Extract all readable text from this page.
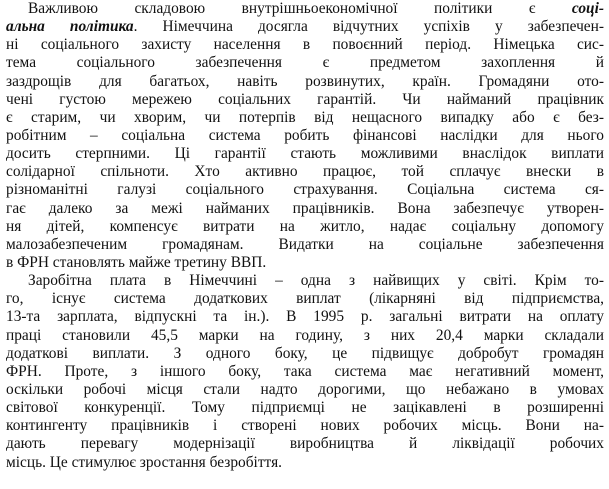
Важливою складовою внутрішньоекономічної політики є соці-
альна політика. Німеччина досягла відчутних успіхів у забезпечен-
ні соціального захисту населення в повоєнний період. Німецька сис-
тема соціального забезпечення є предметом захоплення й
заздрощів для багатьох, навіть розвинутих, країн. Громадяни ото-
чені густою мережею соціальних гарантій. Чи найманий працівник
є старим, чи хворим, чи потерпів від нещасного випадку або є без-
робітним – соціальна система робить фінансові наслідки для нього
досить стерпними. Ці гарантії стають можливими внаслідок виплати
солідарної спільноти. Хто активно працює, той сплачує внески в
різноманітні галузі соціального страхування. Соціальна система ся-
гає далеко за межі найманих працівників. Вона забезпечує утворен-
ня дітей, компенсує витрати на житло, надає соціальну допомогу
малозабезпеченим громадянам. Видатки на соціальне забезпечення
в ФРН становлять майже третину ВВП.
Заробітна плата в Німеччині – одна з найвищих у світі. Крім то-
го, існує система додаткових виплат (лікарняні від підприємства,
13-та зарплата, відпускні та ін.). В 1995 р. загальні витрати на оплату
праці становили 45,5 марки на годину, з них 20,4 марки складали
додаткові виплати. З одного боку, це підвищує добробут громадян
ФРН. Проте, з іншого боку, така система має негативний момент,
оскільки робочі місця стали надто дорогими, що небажано в умовах
світової конкуренції. Тому підприємці не зацікавлені в розширенні
контингенту працівників і створені нових робочих місць. Вони на-
дають перевагу модернізації виробництва й ліквідації робочих
місць. Це стимулює зростання безробіття.
